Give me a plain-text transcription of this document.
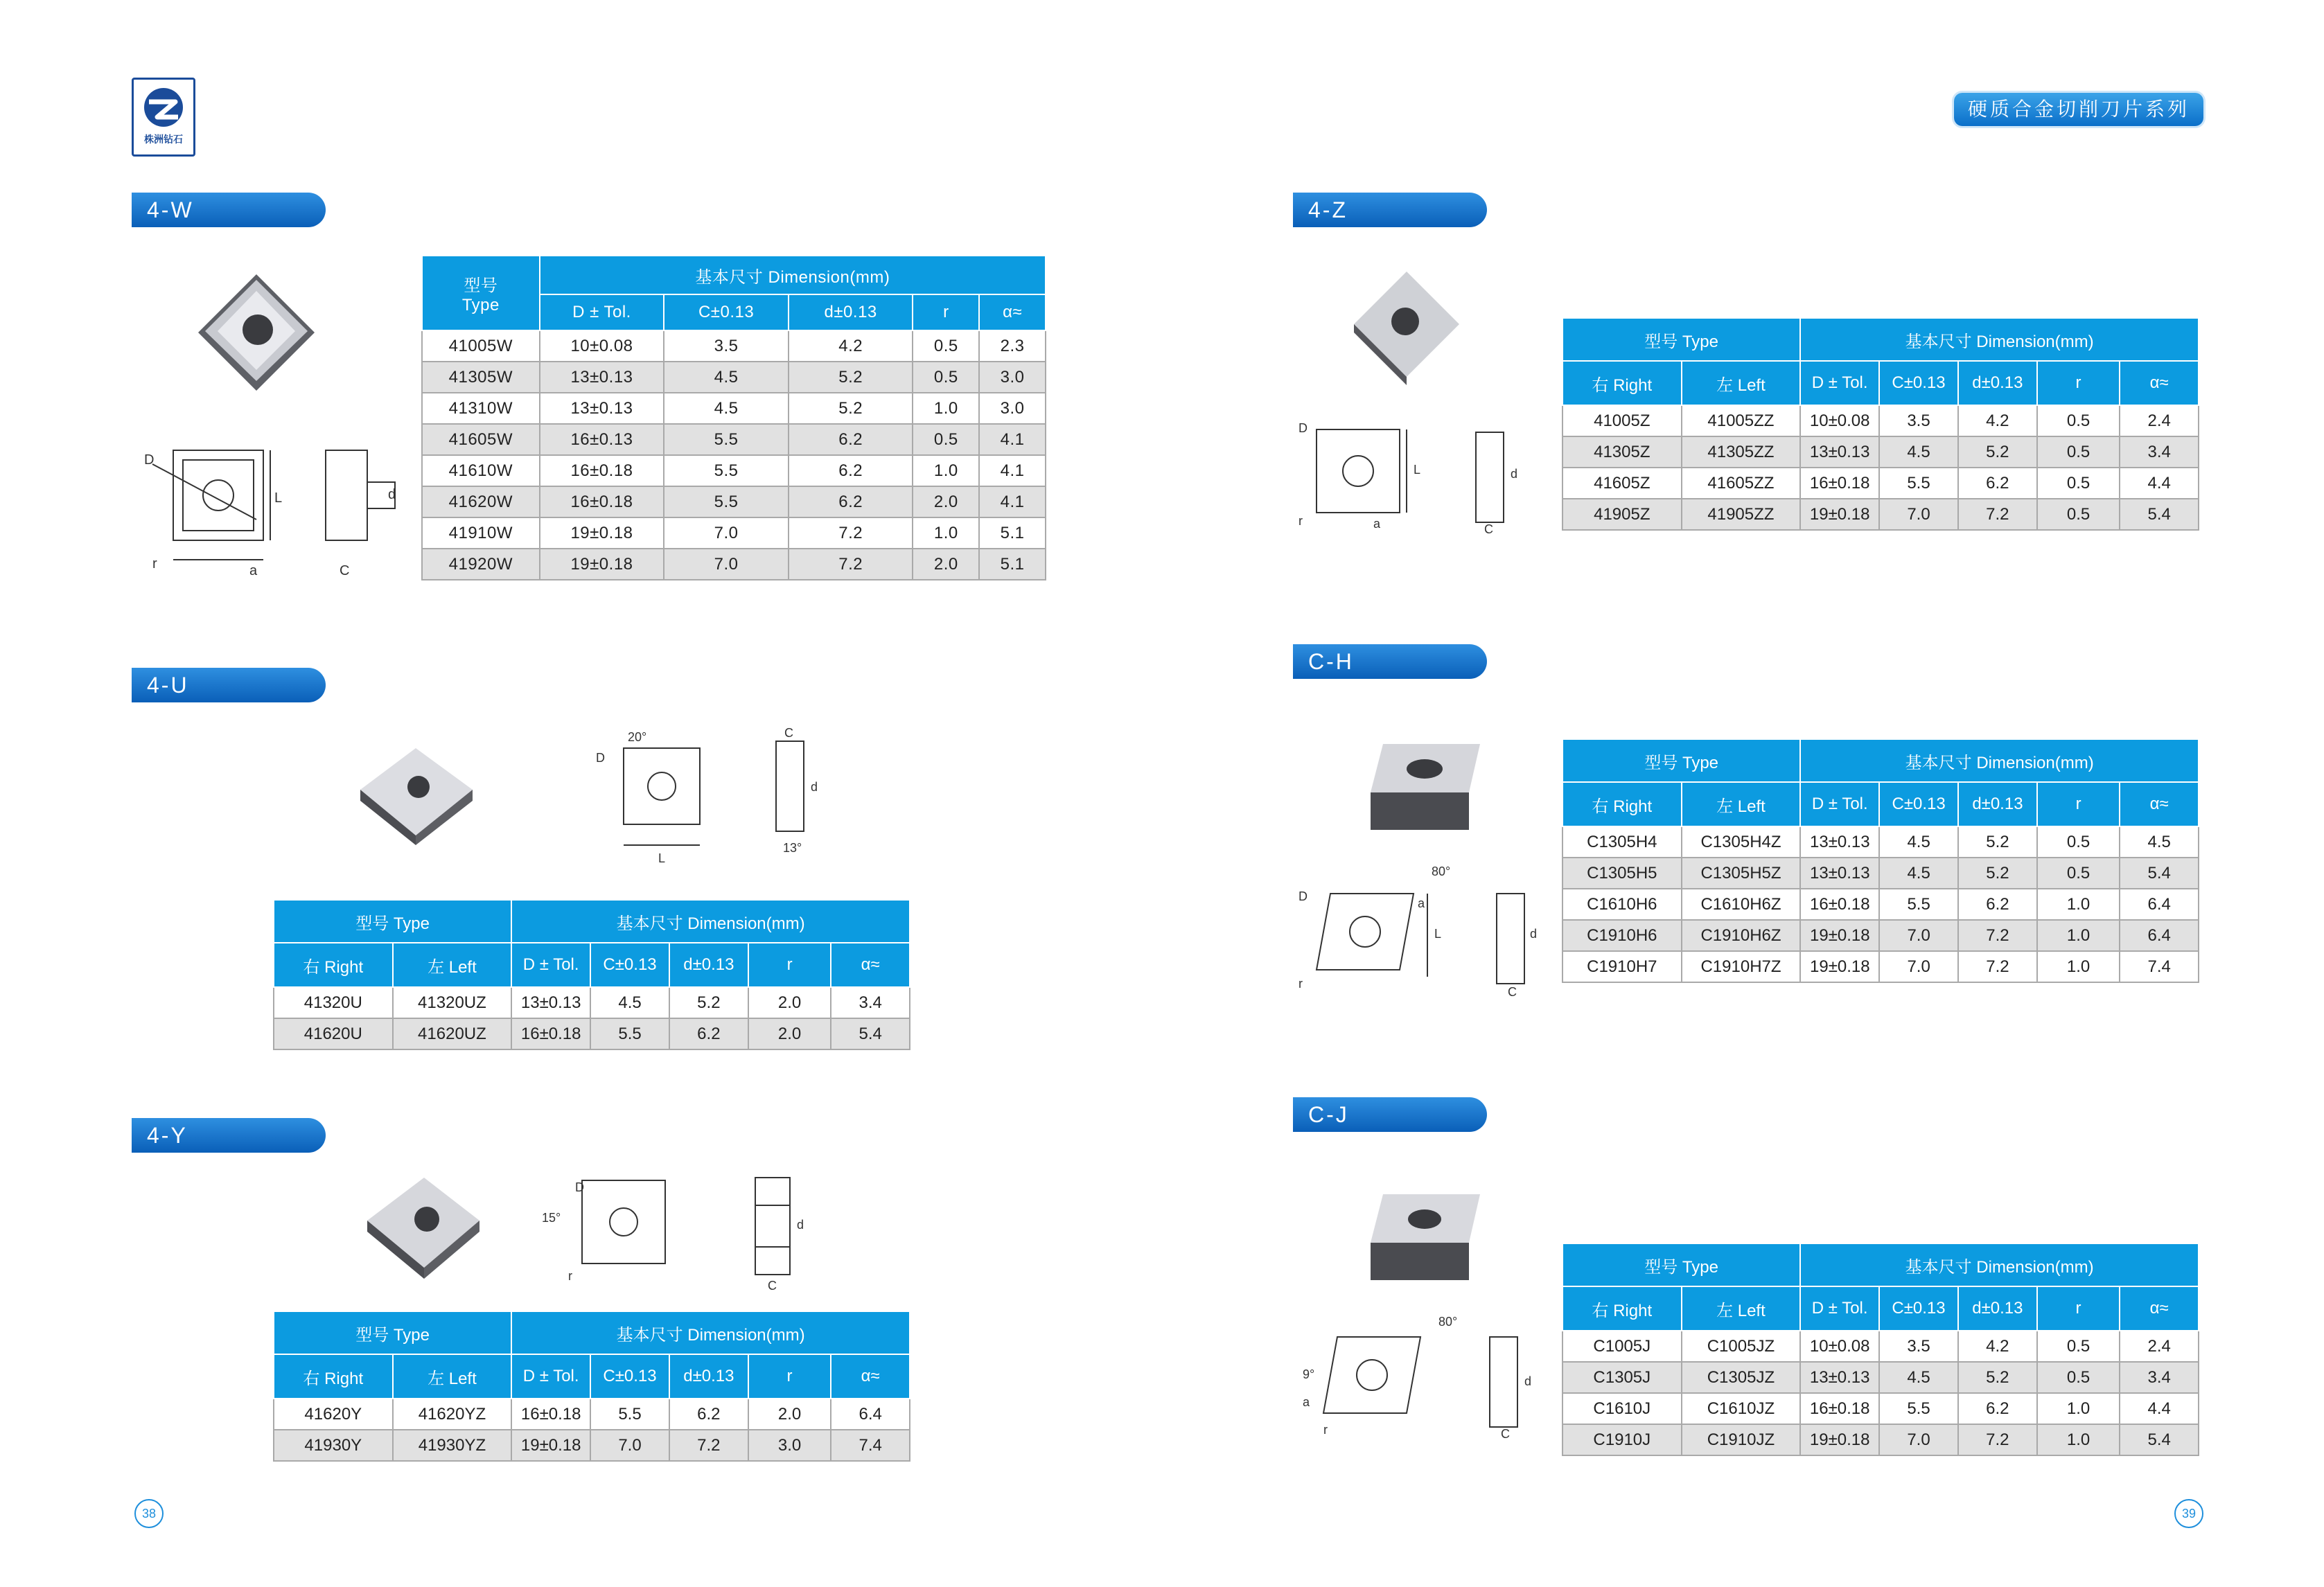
株洲钻石
硬质合金切削刀片系列
4-W
4-U
4-Y
4-Z
C-H
C-J
D
L
r	a	C
d
20°
D
L
13°
C
d
D
15°
r
C
d
D
L
r	a	C
d
80°
D
L
r
a
C
d
80°
9°
a
r	C
d
型号
Type	基本尺寸 Dimension(mm)				
	D ± Tol.	C±0.13	d±0.13	r	α≈
41005W	10±0.08	3.5	4.2	0.5	2.3
41305W	13±0.13	4.5	5.2	0.5	3.0
41310W	13±0.13	4.5	5.2	1.0	3.0
41605W	16±0.13	5.5	6.2	0.5	4.1
41610W	16±0.18	5.5	6.2	1.0	4.1
41620W	16±0.18	5.5	6.2	2.0	4.1
41910W	19±0.18	7.0	7.2	1.0	5.1
41920W	19±0.18	7.0	7.2	2.0	5.1
型号 Type		基本尺寸 Dimension(mm)				
右 Right	左 Left	D ± Tol.	C±0.13	d±0.13	r	α≈
41320U	41320UZ	13±0.13	4.5	5.2	2.0	3.4
41620U	41620UZ	16±0.18	5.5	6.2	2.0	5.4
型号 Type		基本尺寸 Dimension(mm)				
右 Right	左 Left	D ± Tol.	C±0.13	d±0.13	r	α≈
41620Y	41620YZ	16±0.18	5.5	6.2	2.0	6.4
41930Y	41930YZ	19±0.18	7.0	7.2	3.0	7.4
型号 Type		基本尺寸 Dimension(mm)				
右 Right	左 Left	D ± Tol.	C±0.13	d±0.13	r	α≈
41005Z	41005ZZ	10±0.08	3.5	4.2	0.5	2.4
41305Z	41305ZZ	13±0.13	4.5	5.2	0.5	3.4
41605Z	41605ZZ	16±0.18	5.5	6.2	0.5	4.4
41905Z	41905ZZ	19±0.18	7.0	7.2	0.5	5.4
型号 Type		基本尺寸 Dimension(mm)				
右 Right	左 Left	D ± Tol.	C±0.13	d±0.13	r	α≈
C1305H4	C1305H4Z	13±0.13	4.5	5.2	0.5	4.5
C1305H5	C1305H5Z	13±0.13	4.5	5.2	0.5	5.4
C1610H6	C1610H6Z	16±0.18	5.5	6.2	1.0	6.4
C1910H6	C1910H6Z	19±0.18	7.0	7.2	1.0	6.4
C1910H7	C1910H7Z	19±0.18	7.0	7.2	1.0	7.4
型号 Type		基本尺寸 Dimension(mm)				
右 Right	左 Left	D ± Tol.	C±0.13	d±0.13	r	α≈
C1005J	C1005JZ	10±0.08	3.5	4.2	0.5	2.4
C1305J	C1305JZ	13±0.13	4.5	5.2	0.5	3.4
C1610J	C1610JZ	16±0.18	5.5	6.2	1.0	4.4
C1910J	C1910JZ	19±0.18	7.0	7.2	1.0	5.4
38	39
